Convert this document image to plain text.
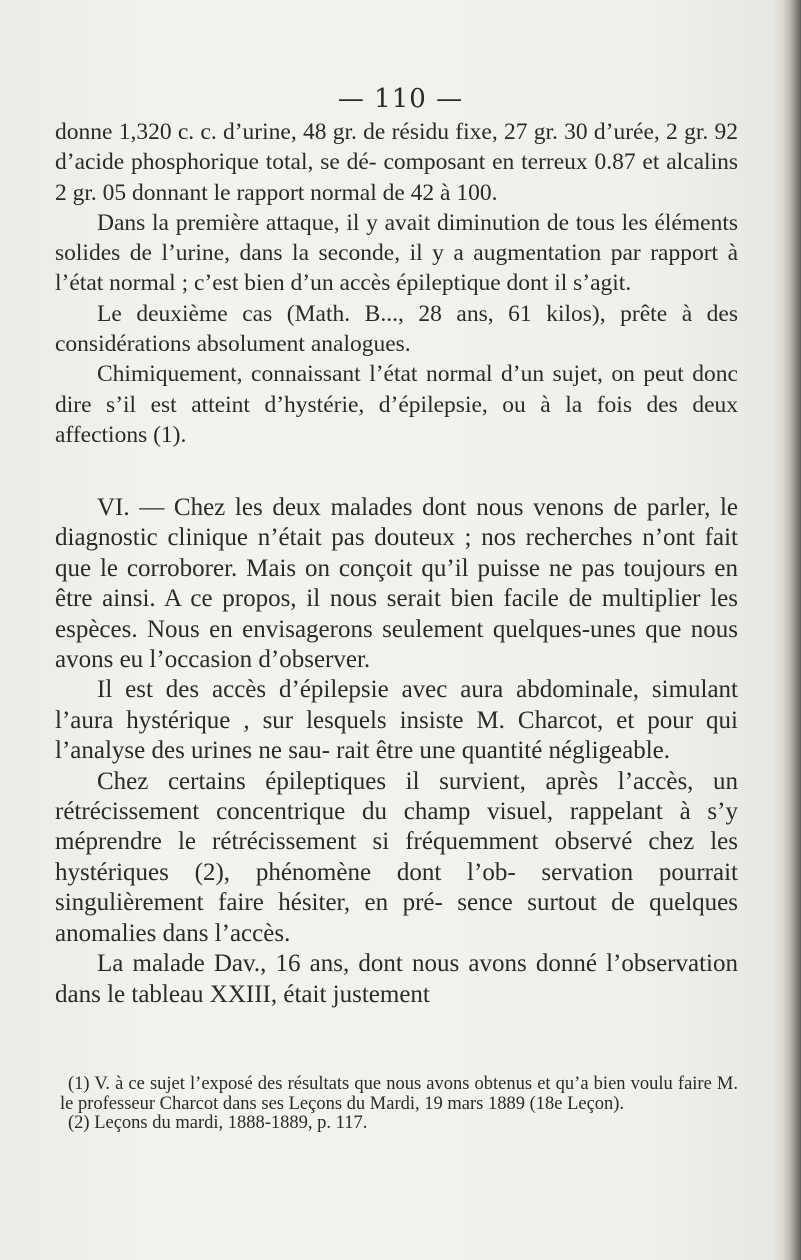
— 110 —

donne 1,320 c. c. d’urine, 48 gr. de résidu fixe, 27 gr. 30 d’urée, 2 gr. 92 d’acide phosphorique total, se dé- composant en terreux 0.87 et alcalins 2 gr. 05 donnant le rapport normal de 42 à 100.

Dans la première attaque, il y avait diminution de tous les éléments solides de l’urine, dans la seconde, il y a augmentation par rapport à l’état normal ; c’est bien d’un accès épileptique dont il s’agit.

Le deuxième cas (Math. B..., 28 ans, 61 kilos), prête à des considérations absolument analogues.

Chimiquement, connaissant l’état normal d’un sujet, on peut donc dire s’il est atteint d’hystérie, d’épilepsie, ou à la fois des deux affections (1).

VI. — Chez les deux malades dont nous venons de parler, le diagnostic clinique n’était pas douteux ; nos recherches n’ont fait que le corroborer. Mais on conçoit qu’il puisse ne pas toujours en être ainsi. A ce propos, il nous serait bien facile de multiplier les espèces. Nous en envisagerons seulement quelques-unes que nous avons eu l’occasion d’observer.

Il est des accès d’épilepsie avec aura abdominale, simulant l’aura hystérique , sur lesquels insiste M. Charcot, et pour qui l’analyse des urines ne sau- rait être une quantité négligeable.

Chez certains épileptiques il survient, après l’accès, un rétrécissement concentrique du champ visuel, rappelant à s’y méprendre le rétrécissement si fréquemment observé chez les hystériques (2), phénomène dont l’ob- servation pourrait singulièrement faire hésiter, en pré- sence surtout de quelques anomalies dans l’accès.

La malade Dav., 16 ans, dont nous avons donné l’observation dans le tableau XXIII, était justement

(1) V. à ce sujet l’exposé des résultats que nous avons obtenus et qu’a bien voulu faire M. le professeur Charcot dans ses Leçons du Mardi, 19 mars 1889 (18e Leçon).

(2) Leçons du mardi, 1888-1889, p. 117.
